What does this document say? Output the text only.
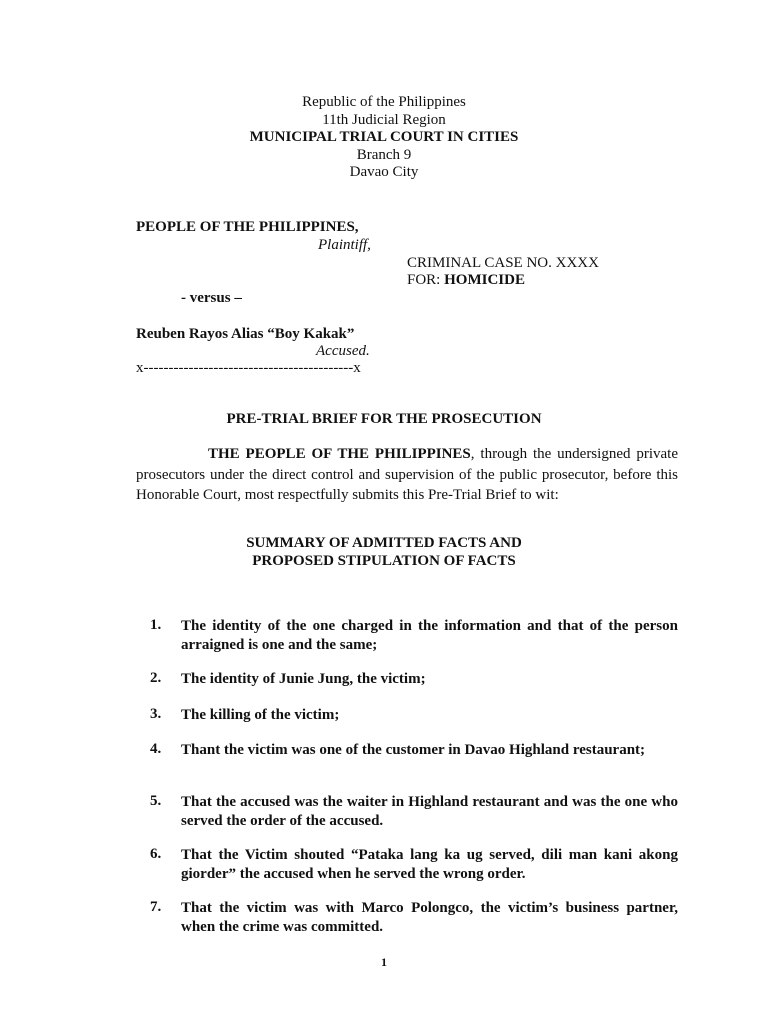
Republic of the Philippines
11th Judicial Region
MUNICIPAL TRIAL COURT IN CITIES
Branch 9
Davao City
PEOPLE OF THE PHILIPPINES,
Plaintiff,
CRIMINAL CASE NO. XXXX
FOR: HOMICIDE
- versus –
Reuben Rayos Alias “Boy Kakak”
Accused.
x------------------------------------------x
PRE-TRIAL BRIEF FOR THE PROSECUTION
THE PEOPLE OF THE PHILIPPINES, through the undersigned private prosecutors under the direct control and supervision of the public prosecutor, before this Honorable Court, most respectfully submits this Pre-Trial Brief to wit:
SUMMARY OF ADMITTED FACTS AND
PROPOSED STIPULATION OF FACTS
1.	The identity of the one charged in the information and that of the person arraigned is one and the same;
2.	The identity of Junie Jung, the victim;
3.	The killing of the victim;
4.	Thant the victim was one of the customer in Davao Highland restaurant;
5.	That the accused was the waiter in Highland restaurant and was the one who served the order of the accused.
6.	That the Victim shouted “Pataka lang ka ug served, dili man kani akong giorder” the accused when he served the wrong order.
7.	That the victim was with Marco Polongco, the victim’s business partner, when the crime was committed.
1
